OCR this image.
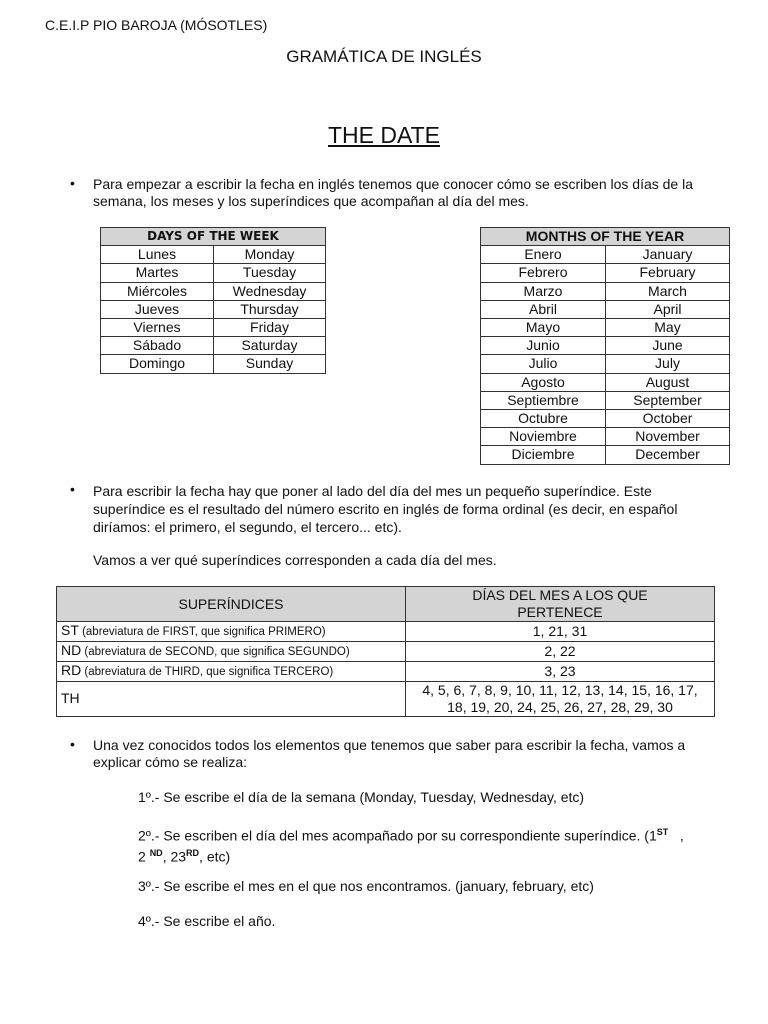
C.E.I.P PIO BAROJA (MÓSOTLES)
GRAMÁTICA DE INGLÉS
THE DATE
• Para empezar a escribir la fecha en inglés tenemos que conocer cómo se escriben los días de la semana, los meses y los superíndices que acompañan al día del mes.
DAYS OF THE WEEK	
Lunes	Monday
Martes	Tuesday
Miércoles	Wednesday
Jueves	Thursday
Viernes	Friday
Sábado	Saturday
Domingo	Sunday
MONTHS OF THE YEAR	
Enero	January
Febrero	February
Marzo	March
Abril	April
Mayo	May
Junio	June
Julio	July
Agosto	August
Septiembre	September
Octubre	October
Noviembre	November
Diciembre	December
• Para escribir la fecha hay que poner al lado del día del mes un pequeño superíndice. Este superíndice es el resultado del número escrito en inglés de forma ordinal (es decir, en español diríamos: el primero, el segundo, el tercero... etc).
Vamos a ver qué superíndices corresponden a cada día del mes.
SUPERÍNDICES	DÍAS DEL MES A LOS QUE PERTENECE
ST (abreviatura de FIRST, que significa PRIMERO)	1, 21, 31
ND (abreviatura de SECOND, que significa SEGUNDO)	2, 22
RD (abreviatura de THIRD, que significa TERCERO)	3, 23
TH	4, 5, 6, 7, 8, 9, 10, 11, 12, 13, 14, 15, 16, 17, 18, 19, 20, 24, 25, 26, 27, 28, 29, 30
• Una vez conocidos todos los elementos que tenemos que saber para escribir la fecha, vamos a explicar cómo se realiza:
1º.- Se escribe el día de la semana (Monday, Tuesday, Wednesday, etc)
2º.- Se escriben el día del mes acompañado por su correspondiente superíndice. (1ST   ,
2 $^{ND}$, 23RD, etc)
3º.- Se escribe el mes en el que nos encontramos. (january, february, etc)
4º.- Se escribe el año.
